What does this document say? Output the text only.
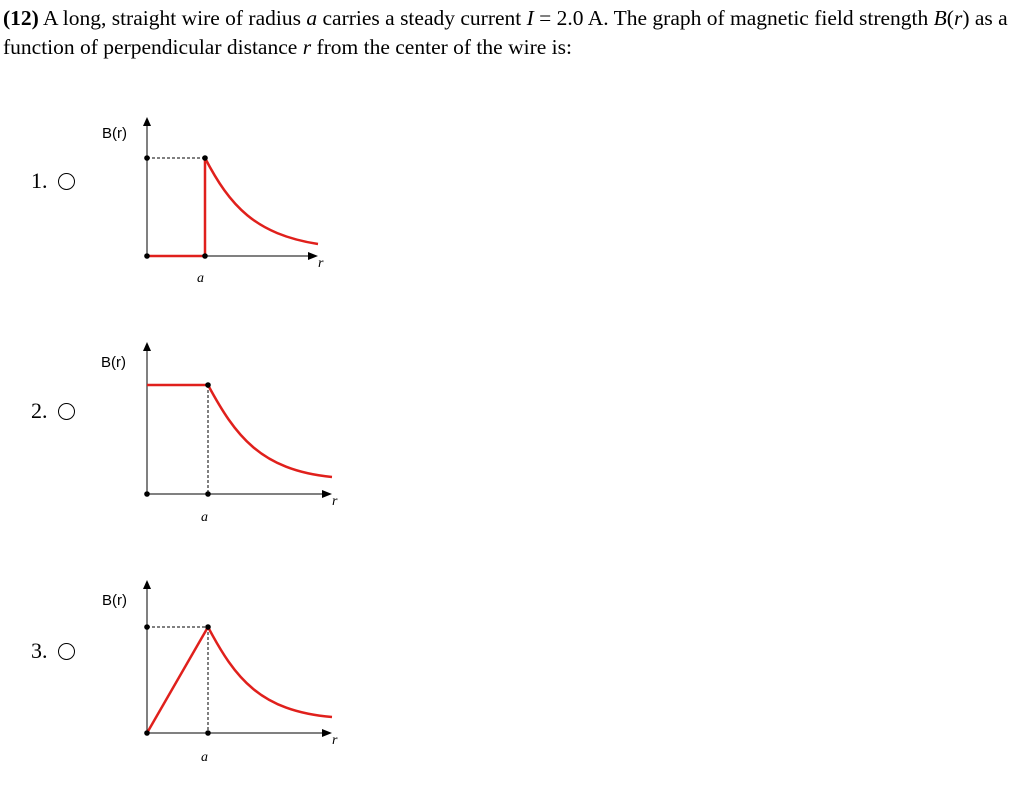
(12) A long, straight wire of radius a carries a steady current I = 2.0 A. The graph of magnetic field strength B(r) as a function of perpendicular distance r from the center of the wire is:
1.
B(r)
r
a
2.
B(r)
r
a
3.
B(r)
r
a
